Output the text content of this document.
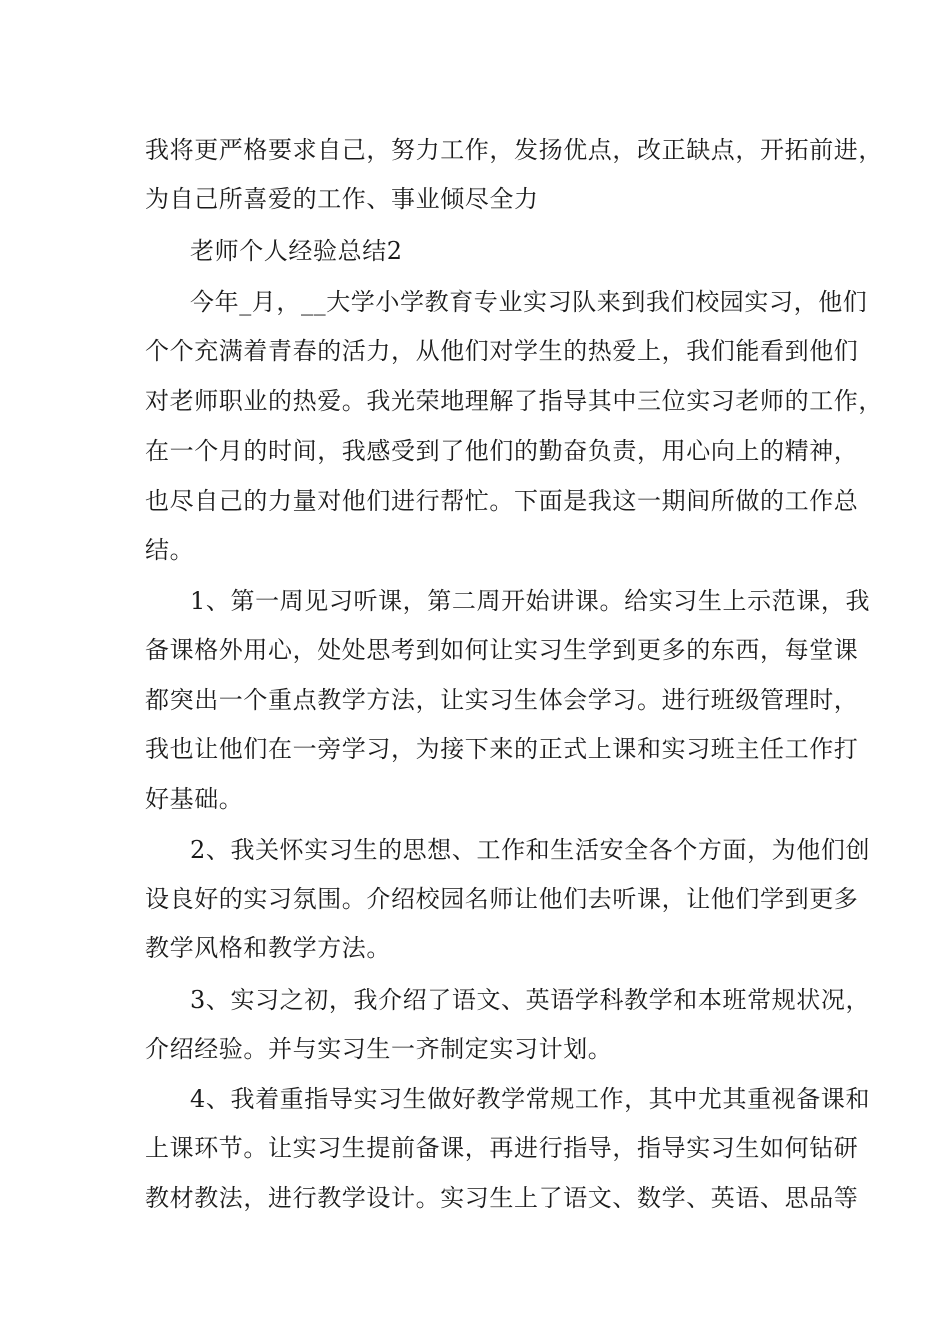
我将更严格要求自己，努力工作，发扬优点，改正缺点，开拓前进，
为自己所喜爱的工作、事业倾尽全力
老师个人经验总结2
今年_月，__大学小学教育专业实习队来到我们校园实习，他们
个个充满着青春的活力，从他们对学生的热爱上，我们能看到他们
对老师职业的热爱。我光荣地理解了指导其中三位实习老师的工作，
在一个月的时间，我感受到了他们的勤奋负责，用心向上的精神，
也尽自己的力量对他们进行帮忙。下面是我这一期间所做的工作总
结。
1、第一周见习听课，第二周开始讲课。给实习生上示范课，我
备课格外用心，处处思考到如何让实习生学到更多的东西，每堂课
都突出一个重点教学方法，让实习生体会学习。进行班级管理时，
我也让他们在一旁学习，为接下来的正式上课和实习班主任工作打
好基础。
2、我关怀实习生的思想、工作和生活安全各个方面，为他们创
设良好的实习氛围。介绍校园名师让他们去听课，让他们学到更多
教学风格和教学方法。
3、实习之初，我介绍了语文、英语学科教学和本班常规状况，
介绍经验。并与实习生一齐制定实习计划。
4、我着重指导实习生做好教学常规工作，其中尤其重视备课和
上课环节。让实习生提前备课，再进行指导，指导实习生如何钻研
教材教法，进行教学设计。实习生上了语文、数学、英语、思品等
